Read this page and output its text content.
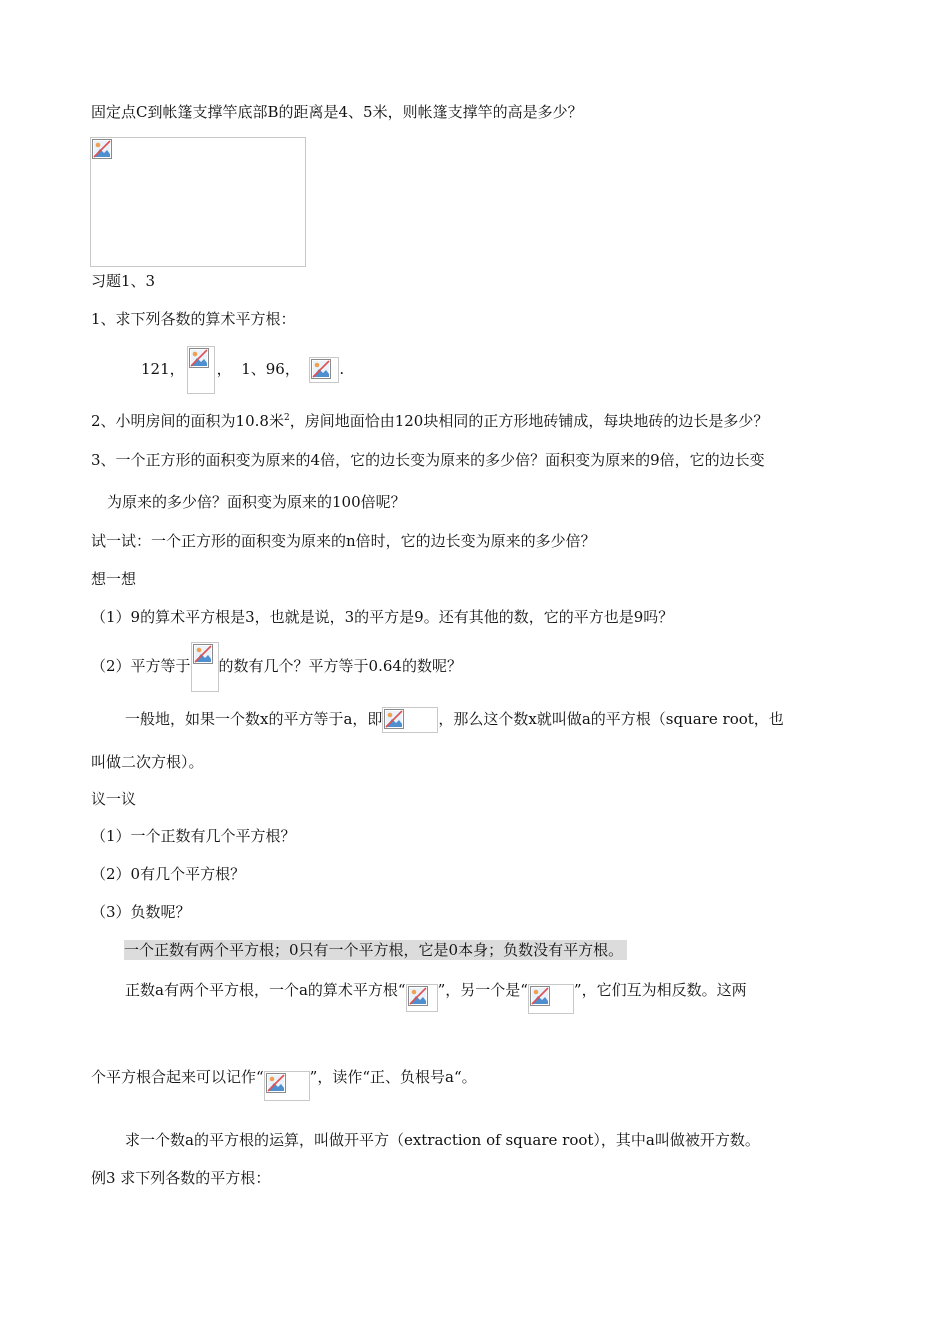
固定点C到帐篷支撑竿底部B的距离是4、5米，则帐篷支撑竿的高是多少？
习题1、3
1、求下列各数的算术平方根：
121， ， 1、96，	.
2、小明房间的面积为10.8米$^2$，房间地面恰由120块相同的正方形地砖铺成，每块地砖的边长是多少？
3、一个正方形的面积变为原来的4倍，它的边长变为原来的多少倍？面积变为原来的9倍，它的边长变
为原来的多少倍？面积变为原来的100倍呢？
试一试：一个正方形的面积变为原来的n倍时，它的边长变为原来的多少倍？
想一想
（1）9的算术平方根是3，也就是说，3的平方是9。还有其他的数，它的平方也是9吗？
（2）平方等于 的数有几个？平方等于0.64的数呢？
一般地，如果一个数x的平方等于a，即	，那么这个数x就叫做a的平方根（square root，也
叫做二次方根）。
议一议
（1）一个正数有几个平方根？
（2）0有几个平方根？
（3）负数呢？
一个正数有两个平方根；0只有一个平方根，它是0本身；负数没有平方根。
正数a有两个平方根，一个a的算术平方根“ ”，另一个是“	”，它们互为相反数。这两
个平方根合起来可以记作“	”，读作“正、负根号a“。
求一个数a的平方根的运算，叫做开平方（extraction of square root），其中a叫做被开方数。
例3 求下列各数的平方根：
